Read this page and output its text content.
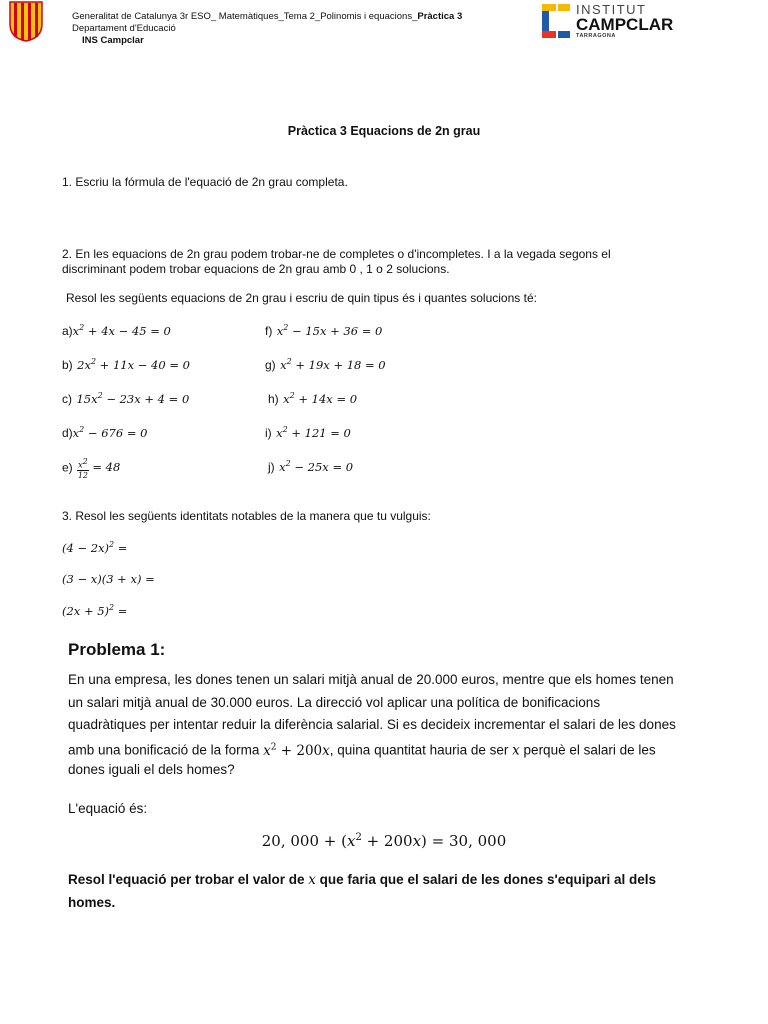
Generalitat de Catalunya 3r ESO_ Matemàtiques_Tema 2_Polinomis i equacions_Pràctica 3
Departament d'Educació
INS Campclar
INSTITUT
CAMPCLAR
TARRAGONA
Pràctica 3 Equacions de 2n grau
1. Escriu la fórmula de l'equació de 2n grau completa.
2. En les equacions de 2n grau podem trobar-ne de completes o d'incompletes. I a la vegada segons el
discriminant podem trobar equacions de 2n grau amb 0 , 1 o 2 solucions.
Resol les següents equacions de 2n grau i escriu de quin tipus és i quantes solucions té:
$a)x^2 + 4x - 45 = 0$
b) $2x^2 + 11x - 40 = 0$
c) $15x^2 - 23x + 4 = 0$
$d)x^2 - 676 = 0$
$e) \frac{x^2}{12} = 48$
f) $x^2 - 15x + 36 = 0$
g) $x^2 + 19x + 18 = 0$
h) $x^2 + 14x = 0$
i) $x^2 + 121 = 0$
j) $x^2 - 25x = 0$
3. Resol les següents identitats notables de la manera que tu vulguis:
$(4 - 2x)^2$ =
(3 − x)(3 + x) =
$(2x + 5)^2$ =
Problema 1:
En una empresa, les dones tenen un salari mitjà anual de 20.000 euros, mentre que els homes tenen
un salari mitjà anual de 30.000 euros. La direcció vol aplicar una política de bonificacions
quadràtiques per intentar reduir la diferència salarial. Si es decideix incrementar el salari de les dones
amb una bonificació de la forma $x^2 + 200x$, quina quantitat hauria de ser x perquè el salari de les
dones iguali el dels homes?
L'equació és:
20, $000 + (x^2 + 200x) = 30$, 000
Resol l'equació per trobar el valor de x que faria que el salari de les dones s'equipari al dels
homes.
